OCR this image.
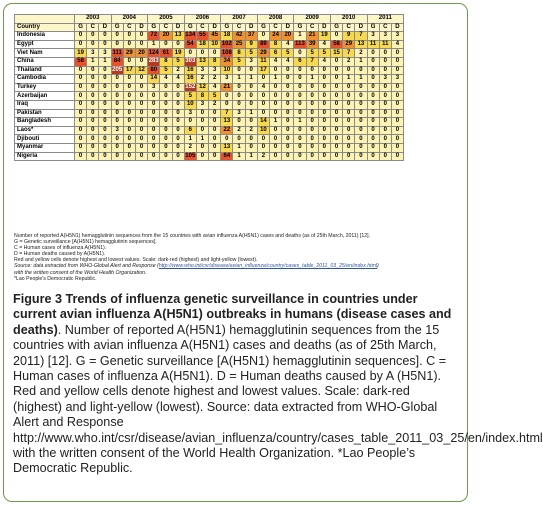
	2003			2004			2005			2006			2007			2008			2009			2010			2011		
Country	G	C	D	G	C	D	G	C	D	G	C	D	G	C	D	G	C	D	G	C	D	G	C	D	G	C	D
Indonesia	0	0	0	0	0	0	72	20	13	134	55	45	18	42	37	0	24	20	1	21	19	0	9	7	3	3	3
Egypt	0	0	0	0	0	0	1	0	0	54	18	10	102	25	9	89	8	4	113	39	4	58	29	13	11	11	4
Viet Nam	19	3	3	111	29	20	124	61	19	0	0	0	108	8	5	29	6	5	0	5	5	15	7	2	0	0	0
China	58	1	1	84	0	0	283	8	5	303	13	8	34	5	3	11	4	4	6	7	4	0	2	1	0	0	0
Thailand	0	0	0	205	17	12	80	5	2	16	3	3	10	0	0	17	0	0	0	0	0	0	0	0	0	0	0
Cambodia	0	0	0	0	0	0	14	4	4	16	2	2	3	1	1	0	1	0	0	1	0	0	1	1	0	3	3
Turkey	0	0	0	0	0	0	3	0	0	152	12	4	21	0	0	4	0	0	0	0	0	0	0	0	0	0	0
Azerbaijan	0	0	0	0	0	0	0	0	0	5	8	5	0	0	0	0	0	0	0	0	0	0	0	0	0	0	0
Iraq	0	0	0	0	0	0	0	0	0	10	3	2	0	0	0	0	0	0	0	0	0	0	0	0	0	0	0
Pakistan	0	0	0	0	0	0	0	0	0	3	0	0	7	3	1	0	0	0	0	0	0	0	0	0	0	0	0
Bangladesh	0	0	0	0	0	0	0	0	0	0	0	0	13	0	0	14	1	0	1	0	0	0	0	0	0	0	0
Laos*	0	0	0	3	0	0	0	0	0	6	0	0	22	2	2	10	0	0	0	0	0	0	0	0	0	0	0
Djibouti	0	0	0	0	0	0	0	0	0	1	1	0	0	0	0	0	0	0	0	0	0	0	0	0	0	0	0
Myanmar	0	0	0	0	0	0	0	0	0	2	0	0	13	1	0	0	0	0	0	0	0	0	0	0	0	0	0
Nigeria	0	0	0	0	0	0	0	0	0	105	0	0	64	1	1	2	0	0	0	0	0	0	0	0	0	0	0
Number of reported A(H5N1) hemagglutinin sequences from the 15 countries with avian influenza A(H5N1) cases and deaths (as of 25th March, 2011) [12].
G = Genetic surveillance [A(H5N1) hemagglutinin sequences].
C = Human cases of influenza A(H5N1).
D = Human deaths caused by A(H5N1).
Red and yellow cells denote highest and lowest values. Scale: dark-red (highest) and light-yellow (lowest).
Source: data extracted from WHO-Global Alert and Response (http://www.who.int/csr/disease/avian_influenza/country/cases_table_2011_03_25/en/index.html)
with the written consent of the World Health Organization.
*Lao People's Democratic Republic.
Figure 3 Trends of influenza genetic surveillance in countries under current avian influenza A(H5N1) outbreaks in humans (disease cases and deaths). Number of reported A(H5N1) hemagglutinin sequences from the 15 countries with avian influenza A(H5N1) cases and deaths (as of 25th March, 2011) [12]. G = Genetic surveillance [A(H5N1) hemagglutinin sequences]. C = Human cases of influenza A(H5N1). D = Human deaths caused by A (H5N1). Red and yellow cells denote highest and lowest values. Scale: dark-red (highest) and light-yellow (lowest). Source: data extracted from WHO-Global Alert and Response http://www.who.int/csr/disease/avian_influenza/country/cases_table_2011_03_25/en/index.html with the written consent of the World Health Organization. *Lao People’s Democratic Republic.
